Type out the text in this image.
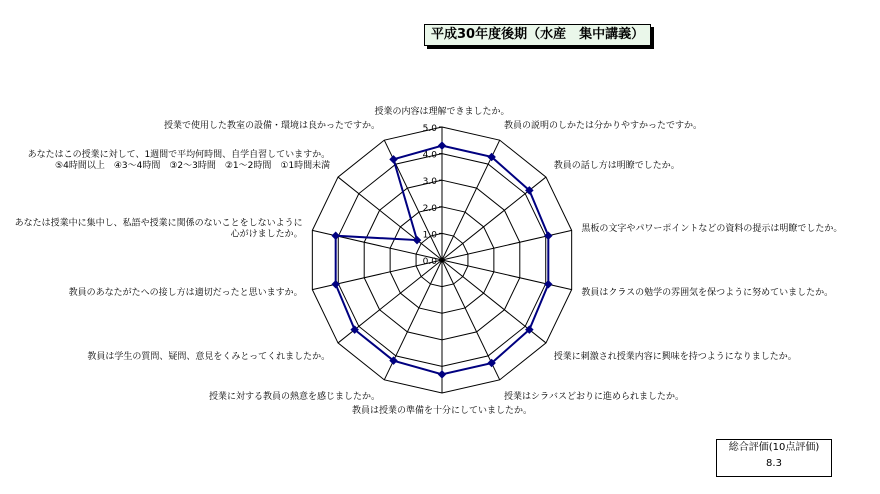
平成30年度後期（水産　集中講義）
0.0
1.0
2.0
3.0
4.0
5.0
授業の内容は理解できましたか。
教員の説明のしかたは分かりやすかったですか。
教員の話し方は明瞭でしたか。
黒板の文字やパワーポイントなどの資料の提示は明瞭でしたか。
教員はクラスの勉学の雰囲気を保つように努めていましたか。
授業に刺激され授業内容に興味を持つようになりましたか。
授業はシラバスどおりに進められましたか。
教員は授業の準備を十分にしていましたか。
授業に対する教員の熱意を感じましたか。
教員は学生の質問、疑問、意見をくみとってくれましたか。
教員のあなたがたへの接し方は適切だったと思いますか。
あなたは授業中に集中し、私語や授業に関係のないことをしないように心がけましたか。
あなたはこの授業に対して、1週間で平均何時間、自学自習していますか。 ⑤4時間以上　④3～4時間　③2～3時間　②1～2時間　①1時間未満
授業で使用した教室の設備・環境は良かったですか。
総合評価(10点評価)
8.3
